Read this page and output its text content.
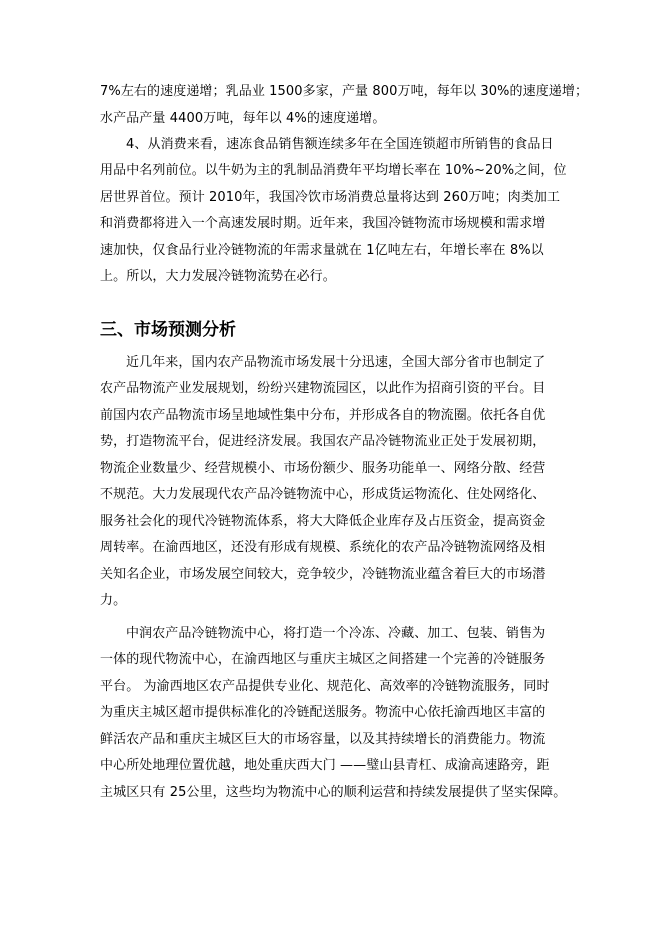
7%左右的速度递增；乳品业 1500多家，产量 800万吨，每年以 30%的速度递增；
水产品产量 4400万吨，每年以 4%的速度递增。
4、从消费来看，速冻食品销售额连续多年在全国连锁超市所销售的食品日
用品中名列前位。以牛奶为主的乳制品消费年平均增长率在 10%~20%之间，位
居世界首位。预计 2010年，我国冷饮市场消费总量将达到 260万吨；肉类加工
和消费都将进入一个高速发展时期。近年来，我国冷链物流市场规模和需求增
速加快，仅食品行业冷链物流的年需求量就在 1亿吨左右，年增长率在 8%以
上。所以，大力发展冷链物流势在必行。
三、市场预测分析
近几年来，国内农产品物流市场发展十分迅速，全国大部分省市也制定了
农产品物流产业发展规划，纷纷兴建物流园区，以此作为招商引资的平台。目
前国内农产品物流市场呈地域性集中分布，并形成各自的物流圈。依托各自优
势，打造物流平台，促进经济发展。我国农产品冷链物流业正处于发展初期，
物流企业数量少、经营规模小、市场份额少、服务功能单一、网络分散、经营
不规范。大力发展现代农产品冷链物流中心，形成货运物流化、住处网络化、
服务社会化的现代冷链物流体系，将大大降低企业库存及占压资金，提高资金
周转率。在渝西地区，还没有形成有规模、系统化的农产品冷链物流网络及相
关知名企业，市场发展空间较大，竞争较少，冷链物流业蕴含着巨大的市场潜
力。
中润农产品冷链物流中心，将打造一个冷冻、冷藏、加工、包装、销售为
一体的现代物流中心，在渝西地区与重庆主城区之间搭建一个完善的冷链服务
平台。 为渝西地区农产品提供专业化、规范化、高效率的冷链物流服务，同时
为重庆主城区超市提供标准化的冷链配送服务。物流中心依托渝西地区丰富的
鲜活农产品和重庆主城区巨大的市场容量，以及其持续增长的消费能力。物流
中心所处地理位置优越，地处重庆西大门 ——璧山县青杠、成渝高速路旁，距
主城区只有 25公里，这些均为物流中心的顺利运营和持续发展提供了坚实保障。
